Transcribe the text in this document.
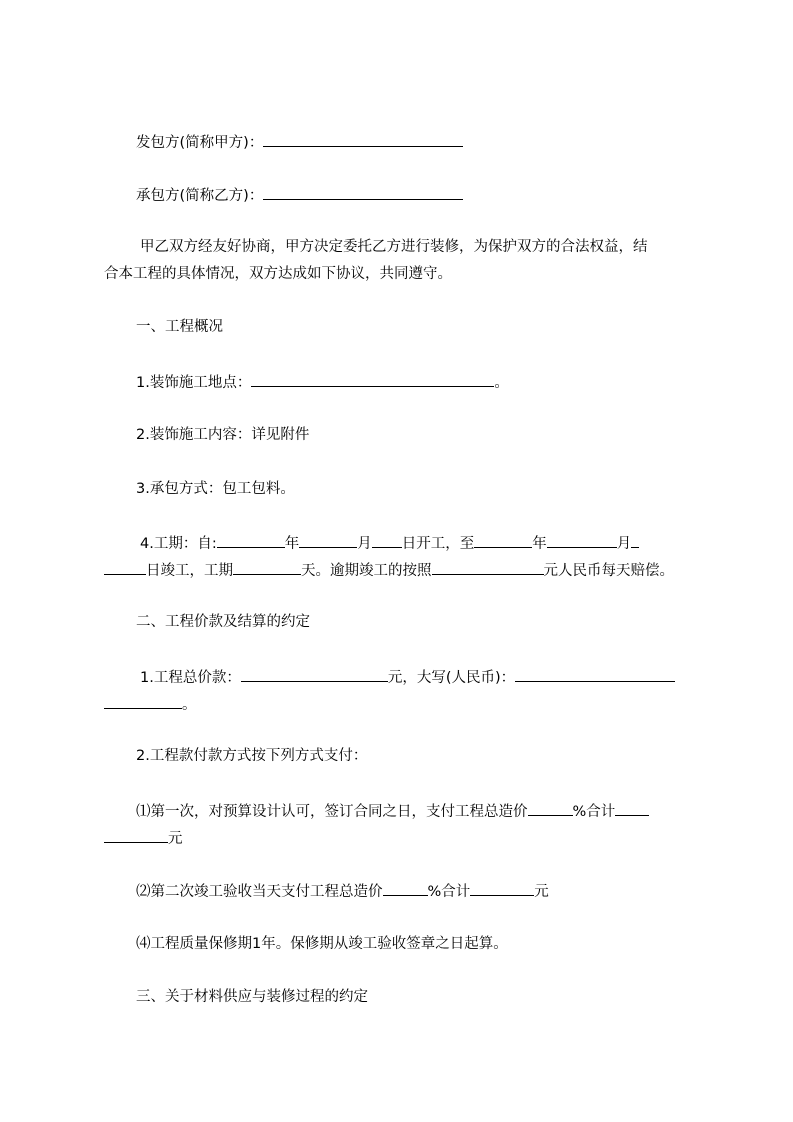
发包方(简称甲方)：

承包方(简称乙方)：

甲乙双方经友好协商，甲方决定委托乙方进行装修，为保护双方的合法权益，结

合本工程的具体情况，双方达成如下协议，共同遵守。

一、工程概况

1.装饰施工地点：	。

2.装饰施工内容：详见附件

3.承包方式：包工包料。

4.工期：自:	年	月 日开工，至	年	月

日竣工，工期	天。逾期竣工的按照	元人民币每天赔偿。

二、工程价款及结算的约定

1.工程总价款：	元，大写(人民币)：

。

2.工程款付款方式按下列方式支付：

⑴第一次，对预算设计认可，签订合同之日，支付工程总造价	%合计

元

⑵第二次竣工验收当天支付工程总造价	%合计	元

⑷工程质量保修期1年。保修期从竣工验收签章之日起算。

三、关于材料供应与装修过程的约定
